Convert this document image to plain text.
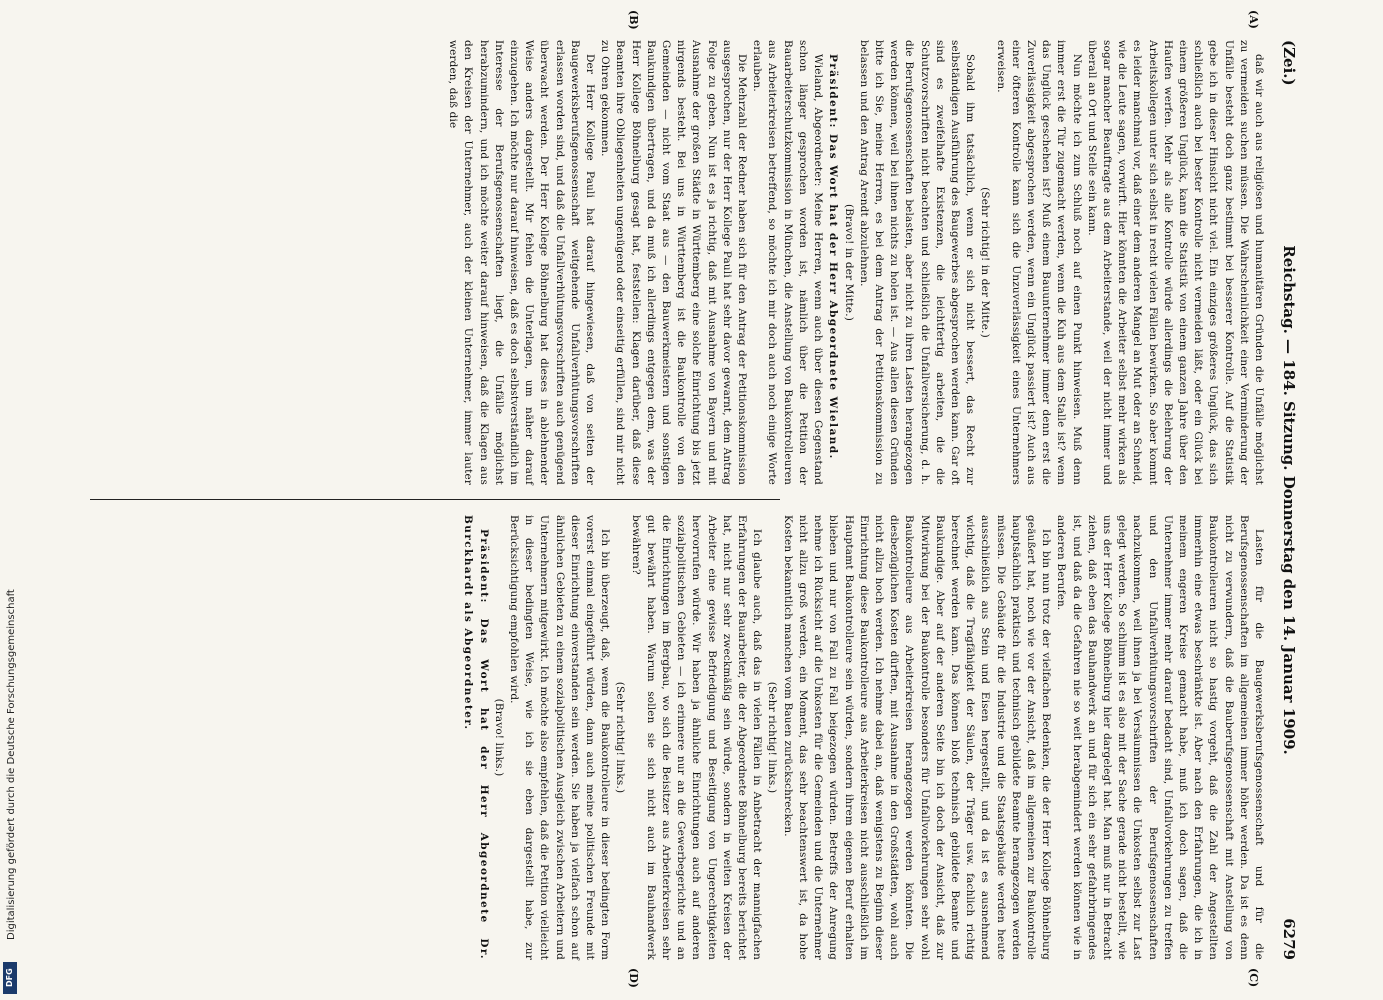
Digitalisierung gefördert durch die Deutsche Forschungsgemeinschaft
DFG
(Zei.)
Reichstag. — 184. Sitzung. Donnerstag den 14. Januar 1909.
6279
(A)
(B)
(C)
(D)

daß wir auch aus religiösen und humanitären Gründen die Unfälle möglichst zu vermeiden suchen müssen. Die Wahrscheinlichkeit einer Verminderung der Unfälle besteht doch ganz bestimmt bei besserer Kontrolle. Auf die Statistik gebe ich in dieser Hinsicht nicht viel. Ein einziges größeres Unglück, das sich schließlich auch bei bester Kontrolle nicht vermeiden läßt, oder ein Glück bei einem größeren Unglück, kann die Statistik von einem ganzen Jahre über den Haufen werfen. Mehr als alle Kontrolle würde allerdings die Belehrung der Arbeitskollegen unter sich selbst in recht vielen Fällen bewirken. So aber kommt es leider manchmal vor, daß einer dem anderen Mangel an Mut oder an Schneid, wie die Leute sagen, vorwirft. Hier könnten die Arbeiter selbst mehr wirken als sogar mancher Beauftragte aus dem Arbeiterstande, weil der nicht immer und überall an Ort und Stelle sein kann.

Nun möchte ich zum Schluß noch auf einen Punkt hinweisen. Muß denn immer erst die Tür zugemacht werden, wenn die Kuh aus dem Stalle ist? wenn das Unglück geschehen ist? Muß einem Bauunternehmer immer denn erst die Zuverlässigkeit abgesprochen werden, wenn ein Unglück passiert ist? Auch aus einer öfteren Kontrolle kann sich die Unzuverlässigkeit eines Unternehmers erweisen.

(Sehr richtig! in der Mitte.)

Sobald ihm tatsächlich, wenn er sich nicht bessert, das Recht zur selbständigen Ausführung des Baugewerbes abgesprochen werden kann. Gar oft sind es zweifelhafte Existenzen, die leichtfertig arbeiten, die die Schutzvorschriften nicht beachten und schließlich die Unfallversicherung, d. h. die Berufsgenossenschaften belasten, aber nicht zu ihren Lasten herangezogen werden können, weil bei ihnen nichts zu holen ist. — Aus allen diesen Gründen bitte ich Sie, meine Herren, es bei dem Antrag der Petitionskommission zu belassen und den Antrag Arendt abzulehnen.

(Bravo! in der Mitte.)

Präsident: Das Wort hat der Herr Abgeordnete Wieland.

Wieland, Abgeordneter: Meine Herren, wenn auch über diesen Gegenstand schon länger gesprochen worden ist, nämlich über die Petition der Bauarbeiterschutzkommission in München, die Anstellung von Baukontrolleuren aus Arbeiterkreisen betreffend, so möchte ich mir doch auch noch einige Worte erlauben.

Die Mehrzahl der Redner haben sich für den Antrag der Petitionskommission ausgesprochen, nur der Herr Kollege Pauli hat sehr davor gewarnt, dem Antrag Folge zu geben. Nun ist es ja richtig, daß mit Ausnahme von Bayern und mit Ausnahme der großen Städte in Württemberg eine solche Einrichtung bis jetzt nirgends besteht. Bei uns in Württemberg ist die Baukontrolle von den Gemeinden — nicht vom Staat aus — den Bauwerkmeistern und sonstigen Baukundigen übertragen, und da muß ich allerdings entgegen dem, was der Herr Kollege Böhnelburg gesagt hat, feststellen: Klagen darüber, daß diese Beamten ihre Obliegenheiten ungenügend oder einseitig erfüllen, sind mir nicht zu Ohren gekommen.

Der Herr Kollege Pauli hat darauf hingewiesen, daß von seiten der Baugewerksberufsgenossenschaft weitgehende Unfallverhütungsvorschriften erlassen worden sind, und daß die Unfallverhütungsvorschriften auch genügend überwacht werden. Der Herr Kollege Böhnelburg hat dieses in ablehnender Weise anders dargestellt. Mir fehlen die Unterlagen, um näher darauf einzugehen. Ich möchte nur darauf hinweisen, daß es doch selbstverständlich im Interesse der Berufsgenossenschaften liegt, die Unfälle möglichst herabzumindern, und ich möchte weiter darauf hinweisen, daß die Klagen aus den Kreisen der Unternehmer, auch der kleinen Unternehmer, immer lauter werden, daß die

Lasten für die Baugewerksberufsgenossenschaft und für die Berufsgenossenschaften im allgemeinen immer höher werden. Da ist es denn nicht zu verwundern, daß die Bauberufsgenossenschaft mit Anstellung von Baukontrolleuren nicht so hastig vorgeht, daß die Zahl der Angestellten immerhin eine etwas beschränkte ist. Aber nach den Erfahrungen, die ich in meinem engeren Kreise gemacht habe, muß ich doch sagen, daß die Unternehmer immer mehr darauf bedacht sind, Unfallvorkehrungen zu treffen und den Unfallverhütungsvorschriften der Berufsgenossenschaften nachzukommen, weil ihnen ja bei Versäumnissen die Unkosten selbst zur Last gelegt werden. So schlimm ist es also mit der Sache gerade nicht bestellt, wie uns der Herr Kollege Böhnelburg hier dargelegt hat. Man muß nur in Betracht ziehen, daß eben das Bauhandwerk an und für sich ein sehr gefahrbringendes ist, und daß da die Gefahren nie so weit herabgemindert werden können wie in anderen Berufen.

Ich bin nun trotz der vielfachen Bedenken, die der Herr Kollege Böhnelburg geäußert hat, noch wie vor der Ansicht, daß im allgemeinen zur Baukontrolle hauptsächlich praktisch und technisch gebildete Beamte herangezogen werden müssen. Die Gebäude für die Industrie und die Staatsgebäude werden heute ausschließlich aus Stein und Eisen hergestellt, und da ist es ausnehmend wichtig, daß die Tragfähigkeit der Säulen, der Träger usw. fachlich richtig berechnet werden kann. Das können bloß technisch gebildete Beamte und Baukundige. Aber auf der anderen Seite bin ich doch der Ansicht, daß zur Mitwirkung bei der Baukontrolle besonders für Unfallvorkehrungen sehr wohl Baukontrolleure aus Arbeiterkreisen herangezogen werden könnten. Die diesbezüglichen Kosten dürften, mit Ausnahme in den Großstädten, wohl auch nicht allzu hoch werden. Ich nehme dabei an, daß wenigstens zu Beginn dieser Einrichtung diese Baukontrolleure aus Arbeiterkreisen nicht ausschließlich im Hauptamt Baukontrolleure sein würden, sondern ihrem eigenen Beruf erhalten blieben und nur von Fall zu Fall beigezogen würden. Betreffs der Anregung nehme ich Rücksicht auf die Unkosten für die Gemeinden und die Unternehmer nicht allzu groß werden, ein Moment, das sehr beachtenswert ist, da hohe Kosten bekanntlich manchen vom Bauen zurückschrecken.

(Sehr richtig! links.)

Ich glaube auch, daß das in vielen Fällen in Anbetracht der mannigfachen Erfahrungen der Bauarbeiter, die der Abgeordnete Böhnelburg bereits berichtet hat, nicht nur sehr zweckmäßig sein würde, sondern in weiten Kreisen der Arbeiter eine gewisse Befriedigung und Beseitigung von Ungerechtigkeiten hervorrufen würde. Wir haben ja ähnliche Einrichtungen auch auf anderen sozialpolitischen Gebieten — ich erinnere nur an die Gewerbegerichte und an die Einrichtungen im Bergbau, wo sich die Beisitzer aus Arbeiterkreisen sehr gut bewährt haben. Warum sollen sie sich nicht auch im Bauhandwerk bewähren?

(Sehr richtig! links.)

Ich bin überzeugt, daß, wenn die Baukontrolleure in dieser bedingten Form vorerst einmal eingeführt würden, dann auch meine politischen Freunde mit dieser Einrichtung einverstanden sein werden. Sie haben ja vielfach schon auf ähnlichen Gebieten zu einem sozialpolitischen Ausgleich zwischen Arbeitern und Unternehmern mitgewirkt. Ich möchte also empfehlen, daß die Petition vielleicht in dieser bedingten Weise, wie ich sie eben dargestellt habe, zur Berücksichtigung empfohlen wird.

(Bravo! links.)

Präsident: Das Wort hat der Herr Abgeordnete Dr. Burckhardt als Abgeordneter.
